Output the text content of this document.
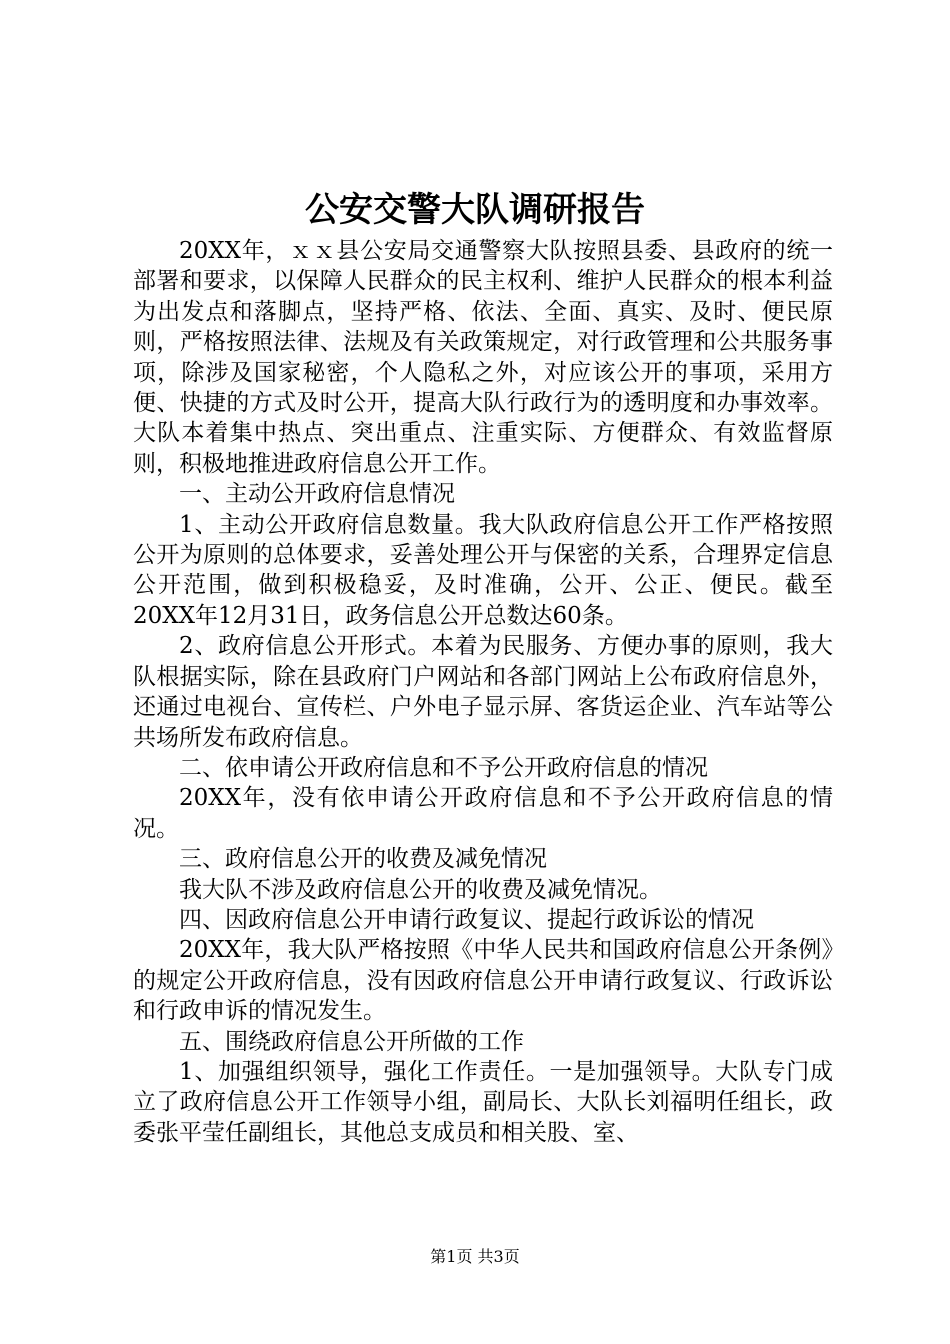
公安交警大队调研报告

20XX年，ｘｘ县公安局交通警察大队按照县委、县政府的统一部署和要求，以保障人民群众的民主权利、维护人民群众的根本利益为出发点和落脚点，坚持严格、依法、全面、真实、及时、便民原则，严格按照法律、法规及有关政策规定，对行政管理和公共服务事项，除涉及国家秘密，个人隐私之外，对应该公开的事项，采用方便、快捷的方式及时公开，提高大队行政行为的透明度和办事效率。大队本着集中热点、突出重点、注重实际、方便群众、有效监督原则，积极地推进政府信息公开工作。

一、主动公开政府信息情况

1、主动公开政府信息数量。我大队政府信息公开工作严格按照公开为原则的总体要求，妥善处理公开与保密的关系，合理界定信息公开范围，做到积极稳妥，及时准确，公开、公正、便民。截至20XX年12月31日，政务信息公开总数达60条。

2、政府信息公开形式。本着为民服务、方便办事的原则，我大队根据实际，除在县政府门户网站和各部门网站上公布政府信息外，还通过电视台、宣传栏、户外电子显示屏、客货运企业、汽车站等公共场所发布政府信息。

二、依申请公开政府信息和不予公开政府信息的情况

20XX年，没有依申请公开政府信息和不予公开政府信息的情况。

三、政府信息公开的收费及减免情况

我大队不涉及政府信息公开的收费及减免情况。

四、因政府信息公开申请行政复议、提起行政诉讼的情况

20XX年，我大队严格按照《中华人民共和国政府信息公开条例》的规定公开政府信息，没有因政府信息公开申请行政复议、行政诉讼和行政申诉的情况发生。

五、围绕政府信息公开所做的工作

1、加强组织领导，强化工作责任。一是加强领导。大队专门成立了政府信息公开工作领导小组，副局长、大队长刘福明任组长，政委张平莹任副组长，其他总支成员和相关股、室、

第1页 共3页
